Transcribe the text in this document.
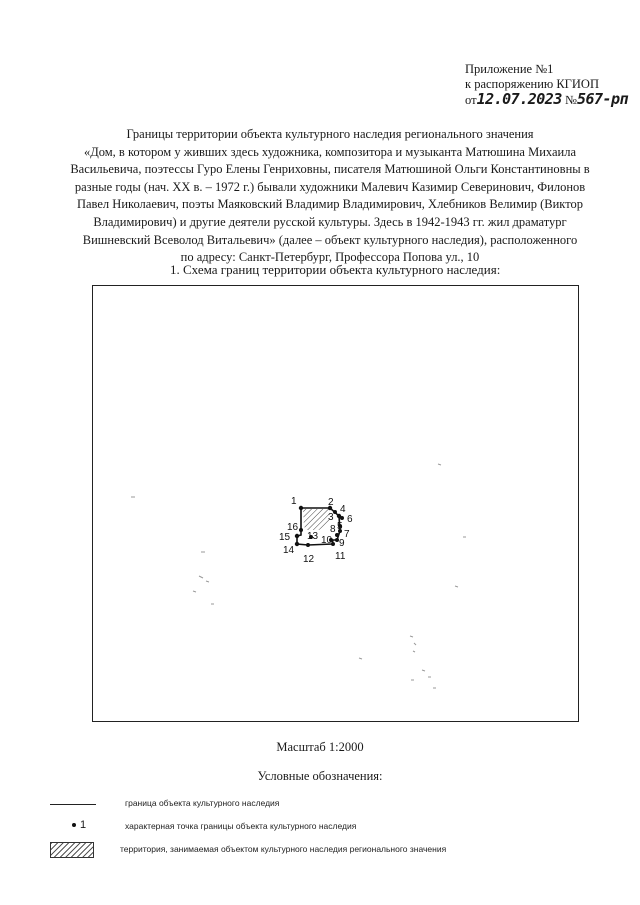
Приложение №1
к распоряжению КГИОП
от12.07.2023 №567-рп
Границы территории объекта культурного наследия регионального значения
«Дом, в котором у живших здесь художника, композитора и музыканта Матюшина Михаила
Васильевича, поэтессы Гуро Елены Генриховны, писателя Матюшиной Ольги Константиновны в
разные годы (нач. XX в. – 1972 г.) бывали художники Малевич Казимир Северинович, Филонов
Павел Николаевич, поэты Маяковский Владимир Владимирович, Хлебников Велимир (Виктор
Владимирович) и другие деятели русской культуры. Здесь в 1942-1943 гг. жил драматург
Вишневский Всеволод Витальевич» (далее – объект культурного наследия), расположенного
по адресу: Санкт-Петербург, Профессора Попова ул., 10
1. Схема границ территории объекта культурного наследия:
1	2
3
4
5
6
7
8
9
10
11
12
13
14
15
16
Масштаб 1:2000
Условные обозначения:
граница объекта культурного наследия
1	характерная точка границы объекта культурного наследия
территория, занимаемая объектом культурного наследия регионального значения
